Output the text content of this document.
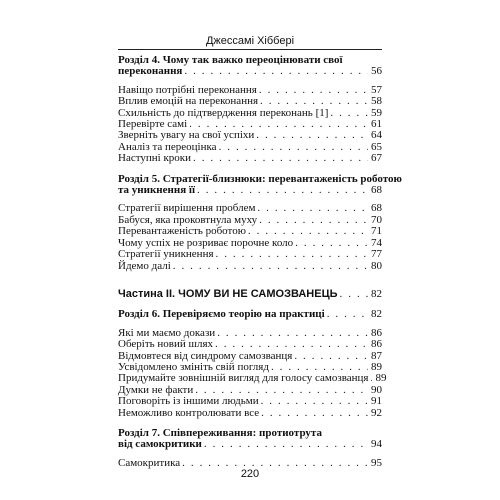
Джессамі Хіббері
Розділ 4. Чому так важко переоцінювати свої
переконання . . .	56
Навіщо потрібні переконання . . .	57
Вплив емоцій на переконання . . .	58
Схильність до підтвердження переконань [1] . . .	59
Перевірте самі . . .	61
Зверніть увагу на свої успіхи . . .	64
Аналіз та переоцінка . . .	65
Наступні кроки . . .	67
Розділ 5. Стратегії-близнюки: перевантаженість роботою
та уникнення її . . .	68
Стратегії вирішення проблем . . .	68
Бабуся, яка проковтнула муху . . .	70
Перевантаженість роботою . . .	71
Чому успіх не розриває порочне коло . . .	74
Стратегії уникнення . . .	77
Йдемо далі . . .	80
Частина II. ЧОМУ ВИ НЕ САМОЗВАНЕЦЬ . . .	82
Розділ 6. Перевіряємо теорію на практиці . . .	82
Які ми маємо докази . . .	86
Оберіть новий шлях . . .	86
Відмовтеся від синдрому самозванця . . .	87
Усвідомлено змініть свій погляд . . .	89
Придумайте зовнішній вигляд для голосу самозванця . . . 89
Думки не факти . . .	90
Поговоріть із іншими людьми . . .	91
Неможливо контролювати все . . .	92
Розділ 7. Співпереживання: протиотрута
від самокритики . . .	94
Самокритика . . .	95
220
